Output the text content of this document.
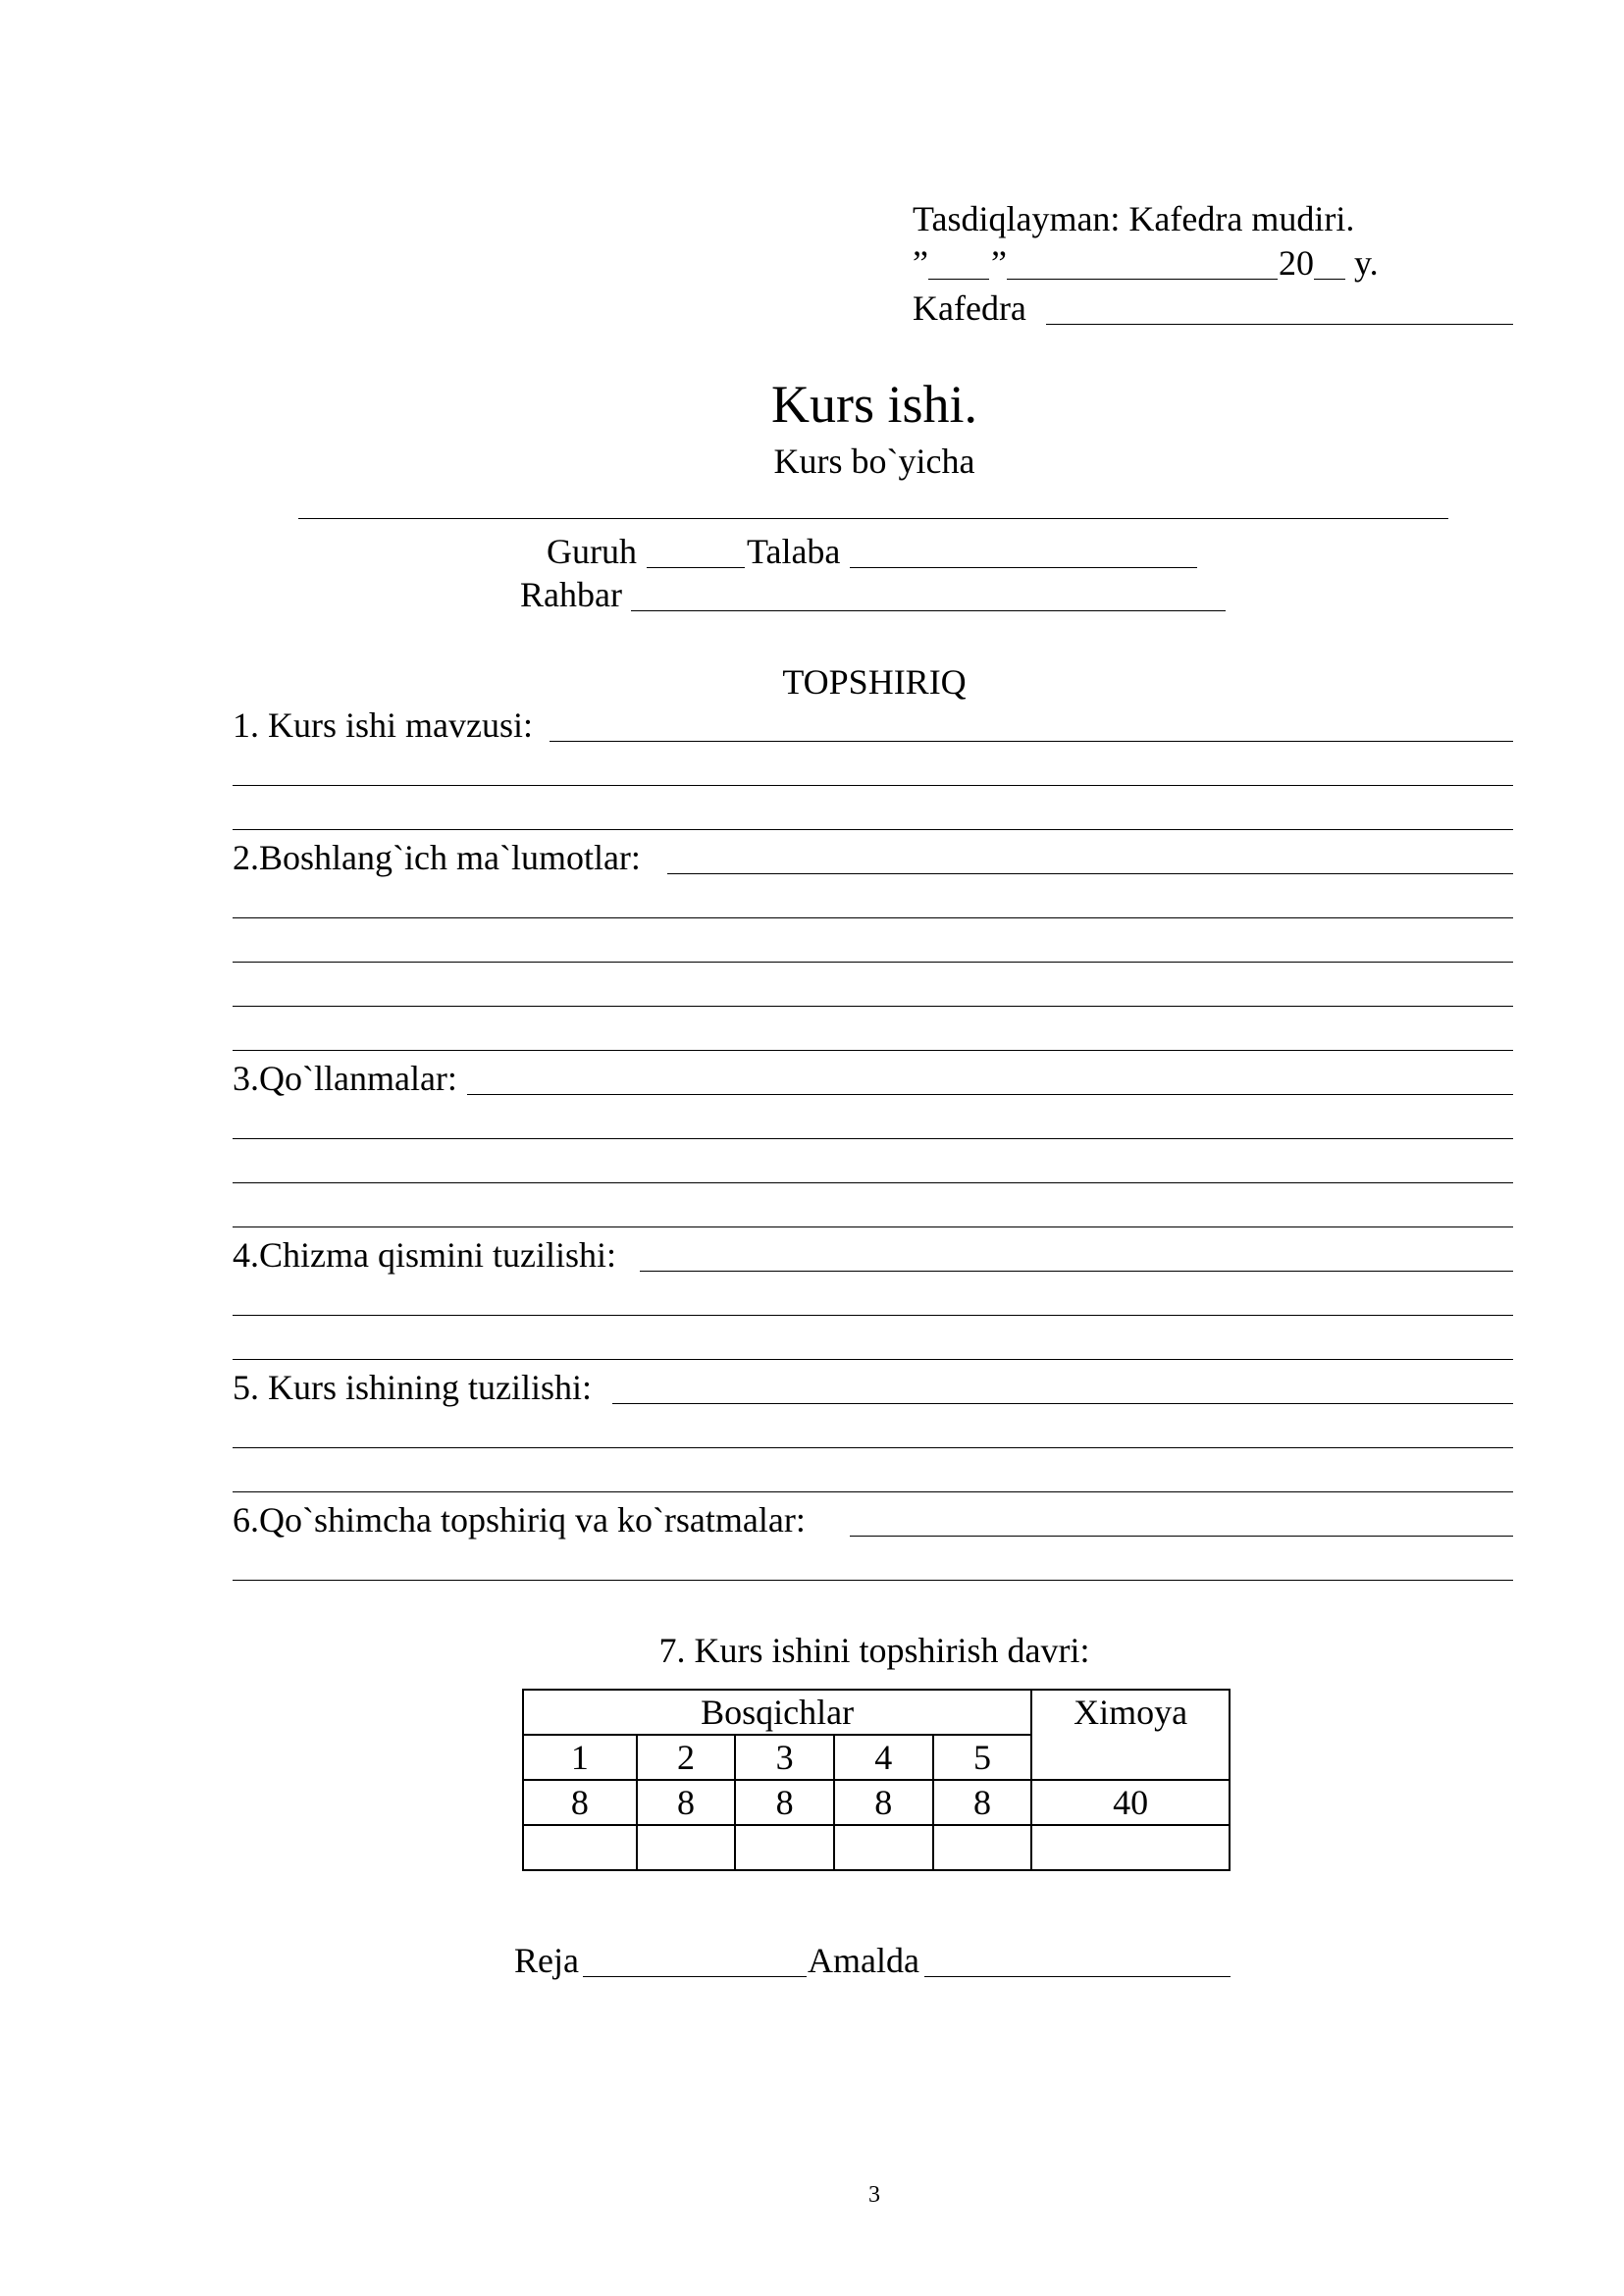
Tasdiqlayman: Kafedra mudiri.
” ”	20 y.
Kafedra
Kurs ishi.
Kurs bo`yicha
Guruh	Talaba
Rahbar
TOPSHIRIQ
1. Kurs ishi mavzusi:
2.Boshlang`ich ma`lumotlar:
3.Qo`llanmalar:
4.Chizma qismini tuzilishi:
5. Kurs ishining tuzilishi:
6.Qo`shimcha topshiriq va ko`rsatmalar:
7. Kurs ishini topshirish davri:
Bosqichlar					Ximoya
1	2	3	4	5	
8	8	8	8	8	40

Reja	Amalda
3
